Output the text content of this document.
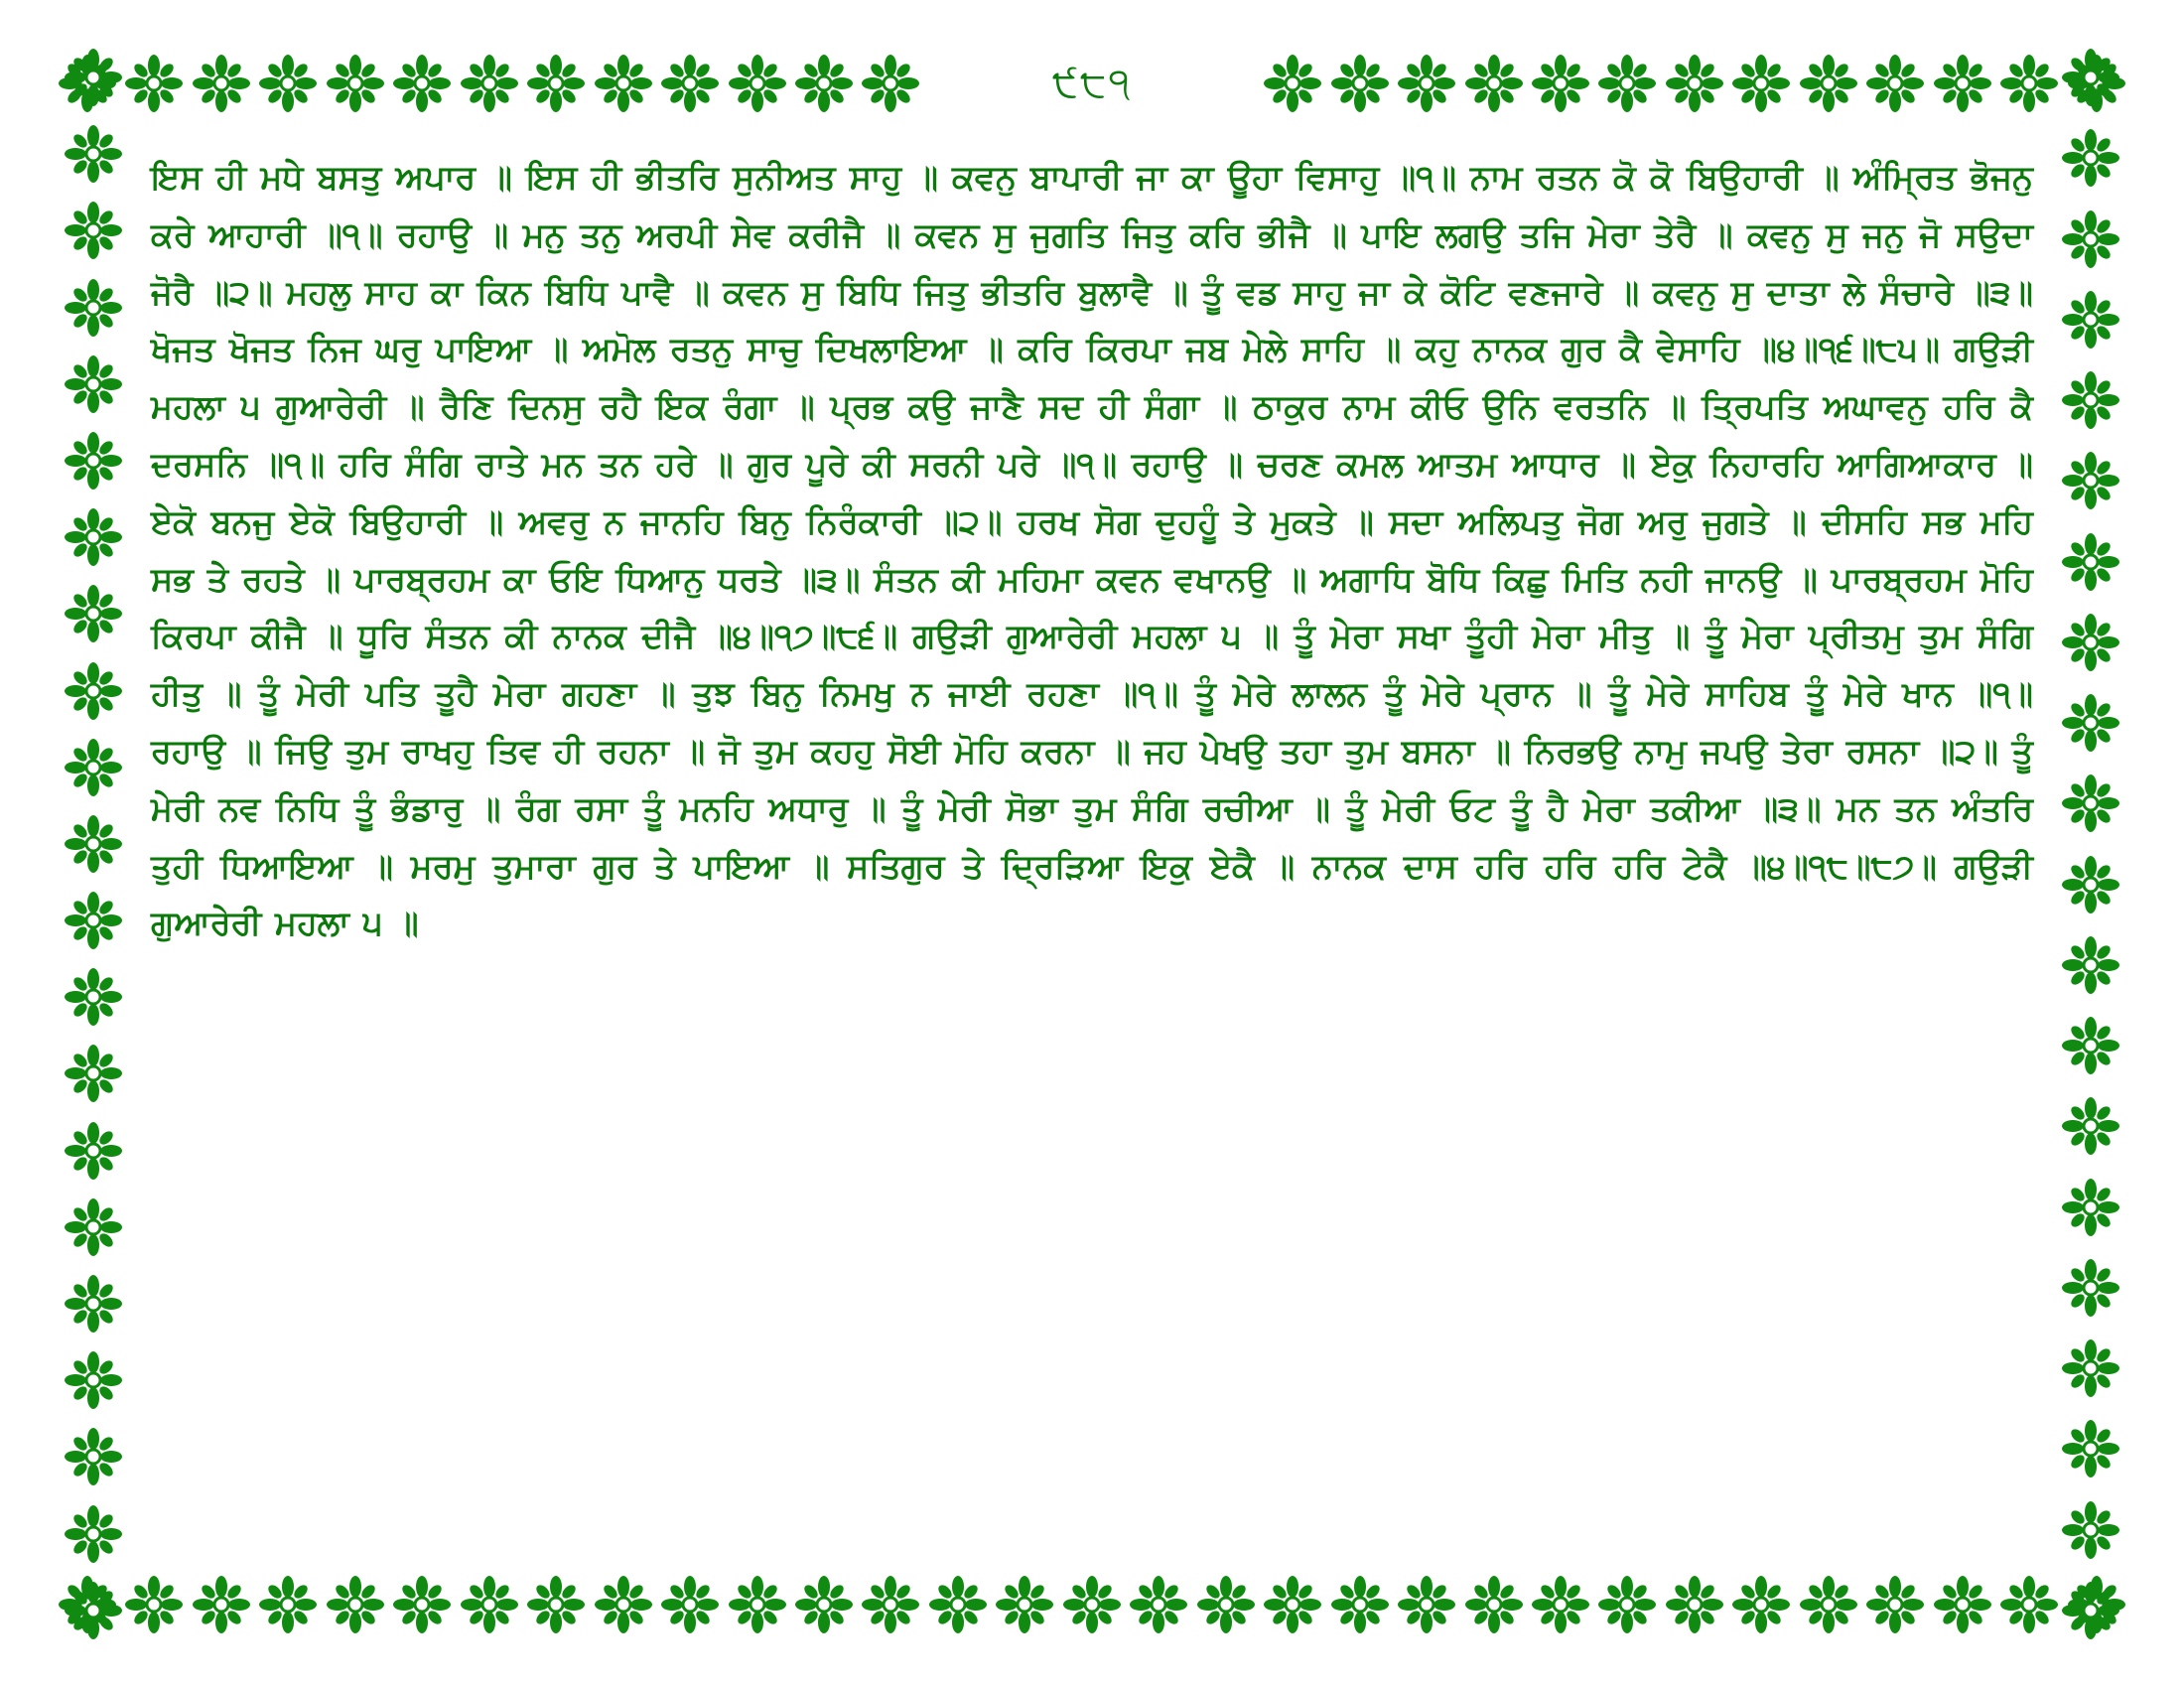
੯੮੧

ਇਸ ਹੀ ਮਧੇ ਬਸਤੁ ਅਪਾਰ ॥ ਇਸ ਹੀ ਭੀਤਰਿ ਸੁਨੀਅਤ ਸਾਹੁ ॥ ਕਵਨੁ ਬਾਪਾਰੀ ਜਾ ਕਾ ਊਹਾ ਵਿਸਾਹੁ ॥੧॥ ਨਾਮ ਰਤਨ ਕੋ ਕੋ ਬਿਉਹਾਰੀ ॥ ਅੰਮ੍ਰਿਤ ਭੋਜਨੁ ਕਰੇ ਆਹਾਰੀ ॥੧॥ ਰਹਾਉ ॥ ਮਨੁ ਤਨੁ ਅਰਪੀ ਸੇਵ ਕਰੀਜੈ ॥ ਕਵਨ ਸੁ ਜੁਗਤਿ ਜਿਤੁ ਕਰਿ ਭੀਜੈ ॥ ਪਾਇ ਲਗਉ ਤਜਿ ਮੇਰਾ ਤੇਰੈ ॥ ਕਵਨੁ ਸੁ ਜਨੁ ਜੋ ਸਉਦਾ ਜੋਰੈ ॥੨॥ ਮਹਲੁ ਸਾਹ ਕਾ ਕਿਨ ਬਿਧਿ ਪਾਵੈ ॥ ਕਵਨ ਸੁ ਬਿਧਿ ਜਿਤੁ ਭੀਤਰਿ ਬੁਲਾਵੈ ॥ ਤੂੰ ਵਡ ਸਾਹੁ ਜਾ ਕੇ ਕੋਟਿ ਵਣਜਾਰੇ ॥ ਕਵਨੁ ਸੁ ਦਾਤਾ ਲੇ ਸੰਚਾਰੇ ॥੩॥ ਖੋਜਤ ਖੋਜਤ ਨਿਜ ਘਰੁ ਪਾਇਆ ॥ ਅਮੋਲ ਰਤਨੁ ਸਾਚੁ ਦਿਖਲਾਇਆ ॥ ਕਰਿ ਕਿਰਪਾ ਜਬ ਮੇਲੇ ਸਾਹਿ ॥ ਕਹੁ ਨਾਨਕ ਗੁਰ ਕੈ ਵੇਸਾਹਿ ॥੪॥੧੬॥੮੫॥ ਗਉੜੀ ਮਹਲਾ ੫ ਗੁਆਰੇਰੀ ॥ ਰੈਣਿ ਦਿਨਸੁ ਰਹੈ ਇਕ ਰੰਗਾ ॥ ਪ੍ਰਭ ਕਉ ਜਾਣੈ ਸਦ ਹੀ ਸੰਗਾ ॥ ਠਾਕੁਰ ਨਾਮ ਕੀਓ ਉਨਿ ਵਰਤਨਿ ॥ ਤ੍ਰਿਪਤਿ ਅਘਾਵਨੁ ਹਰਿ ਕੈ ਦਰਸਨਿ ॥੧॥ ਹਰਿ ਸੰਗਿ ਰਾਤੇ ਮਨ ਤਨ ਹਰੇ ॥ ਗੁਰ ਪੂਰੇ ਕੀ ਸਰਨੀ ਪਰੇ ॥੧॥ ਰਹਾਉ ॥ ਚਰਣ ਕਮਲ ਆਤਮ ਆਧਾਰ ॥ ਏਕੁ ਨਿਹਾਰਹਿ ਆਗਿਆਕਾਰ ॥ ਏਕੋ ਬਨਜੁ ਏਕੋ ਬਿਉਹਾਰੀ ॥ ਅਵਰੁ ਨ ਜਾਨਹਿ ਬਿਨੁ ਨਿਰੰਕਾਰੀ ॥੨॥ ਹਰਖ ਸੋਗ ਦੁਹਹੂੰ ਤੇ ਮੁਕਤੇ ॥ ਸਦਾ ਅਲਿਪਤੁ ਜੋਗ ਅਰੁ ਜੁਗਤੇ ॥ ਦੀਸਹਿ ਸਭ ਮਹਿ ਸਭ ਤੇ ਰਹਤੇ ॥ ਪਾਰਬ੍ਰਹਮ ਕਾ ਓਇ ਧਿਆਨੁ ਧਰਤੇ ॥੩॥ ਸੰਤਨ ਕੀ ਮਹਿਮਾ ਕਵਨ ਵਖਾਨਉ ॥ ਅਗਾਧਿ ਬੋਧਿ ਕਿਛੁ ਮਿਤਿ ਨਹੀ ਜਾਨਉ ॥ ਪਾਰਬ੍ਰਹਮ ਮੋਹਿ ਕਿਰਪਾ ਕੀਜੈ ॥ ਧੂਰਿ ਸੰਤਨ ਕੀ ਨਾਨਕ ਦੀਜੈ ॥੪॥੧੭॥੮੬॥ ਗਉੜੀ ਗੁਆਰੇਰੀ ਮਹਲਾ ੫ ॥ ਤੂੰ ਮੇਰਾ ਸਖਾ ਤੂੰਹੀ ਮੇਰਾ ਮੀਤੁ ॥ ਤੂੰ ਮੇਰਾ ਪ੍ਰੀਤਮੁ ਤੁਮ ਸੰਗਿ ਹੀਤੁ ॥ ਤੂੰ ਮੇਰੀ ਪਤਿ ਤੂਹੈ ਮੇਰਾ ਗਹਣਾ ॥ ਤੁਝ ਬਿਨੁ ਨਿਮਖੁ ਨ ਜਾਈ ਰਹਣਾ ॥੧॥ ਤੂੰ ਮੇਰੇ ਲਾਲਨ ਤੂੰ ਮੇਰੇ ਪ੍ਰਾਨ ॥ ਤੂੰ ਮੇਰੇ ਸਾਹਿਬ ਤੂੰ ਮੇਰੇ ਖਾਨ ॥੧॥ ਰਹਾਉ ॥ ਜਿਉ ਤੁਮ ਰਾਖਹੁ ਤਿਵ ਹੀ ਰਹਨਾ ॥ ਜੋ ਤੁਮ ਕਹਹੁ ਸੋਈ ਮੋਹਿ ਕਰਨਾ ॥ ਜਹ ਪੇਖਉ ਤਹਾ ਤੁਮ ਬਸਨਾ ॥ ਨਿਰਭਉ ਨਾਮੁ ਜਪਉ ਤੇਰਾ ਰਸਨਾ ॥੨॥ ਤੂੰ ਮੇਰੀ ਨਵ ਨਿਧਿ ਤੂੰ ਭੰਡਾਰੁ ॥ ਰੰਗ ਰਸਾ ਤੂੰ ਮਨਹਿ ਅਧਾਰੁ ॥ ਤੂੰ ਮੇਰੀ ਸੋਭਾ ਤੁਮ ਸੰਗਿ ਰਚੀਆ ॥ ਤੂੰ ਮੇਰੀ ਓਟ ਤੂੰ ਹੈ ਮੇਰਾ ਤਕੀਆ ॥੩॥ ਮਨ ਤਨ ਅੰਤਰਿ ਤੁਹੀ ਧਿਆਇਆ ॥ ਮਰਮੁ ਤੁਮਾਰਾ ਗੁਰ ਤੇ ਪਾਇਆ ॥ ਸਤਿਗੁਰ ਤੇ ਦ੍ਰਿੜਿਆ ਇਕੁ ਏਕੈ ॥ ਨਾਨਕ ਦਾਸ ਹਰਿ ਹਰਿ ਹਰਿ ਟੇਕੈ ॥੪॥੧੮॥੮੭॥ ਗਉੜੀ ਗੁਆਰੇਰੀ ਮਹਲਾ ੫ ॥
